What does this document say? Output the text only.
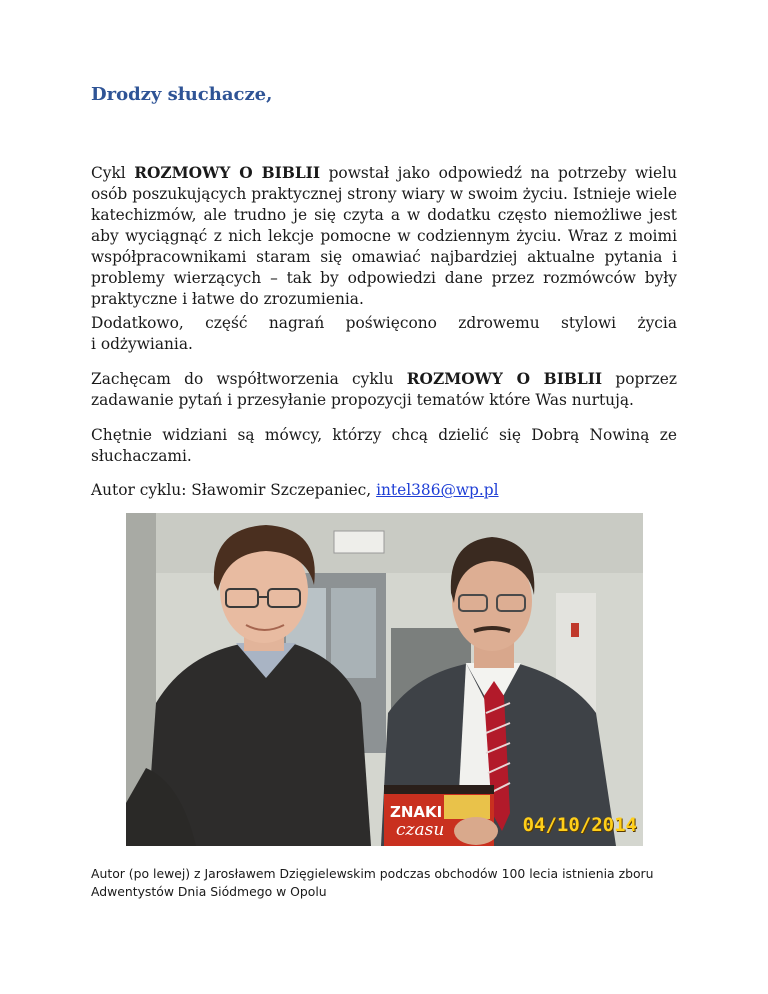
Drodzy słuchacze,

Cykl ROZMOWY O BIBLII powstał jako odpowiedź na potrzeby wielu osób poszukujących praktycznej strony wiary w swoim życiu. Istnieje wiele katechizmów, ale trudno je się czyta a w dodatku często niemożliwe jest aby wyciągnąć z nich lekcje pomocne w codziennym życiu. Wraz z moimi współpracownikami staram się omawiać najbardziej aktualne pytania i problemy wierzących – tak by odpowiedzi dane przez rozmówców były praktyczne i łatwe do zrozumienia.

Dodatkowo, część nagrań poświęcono zdrowemu stylowi życia
i odżywiania.

Zachęcam do współtworzenia cyklu ROZMOWY O BIBLII poprzez zadawanie pytań i przesyłanie propozycji tematów które Was nurtują.

Chętnie widziani są mówcy, którzy chcą dzielić się Dobrą Nowiną ze słuchaczami.

Autor cyklu: Sławomir Szczepaniec, intel386@wp.pl

ZNAKI
czasu	04/10/2014

Autor (po lewej) z Jarosławem Dzięgielewskim podczas obchodów 100 lecia istnienia zboru Adwentystów Dnia Siódmego w Opolu
